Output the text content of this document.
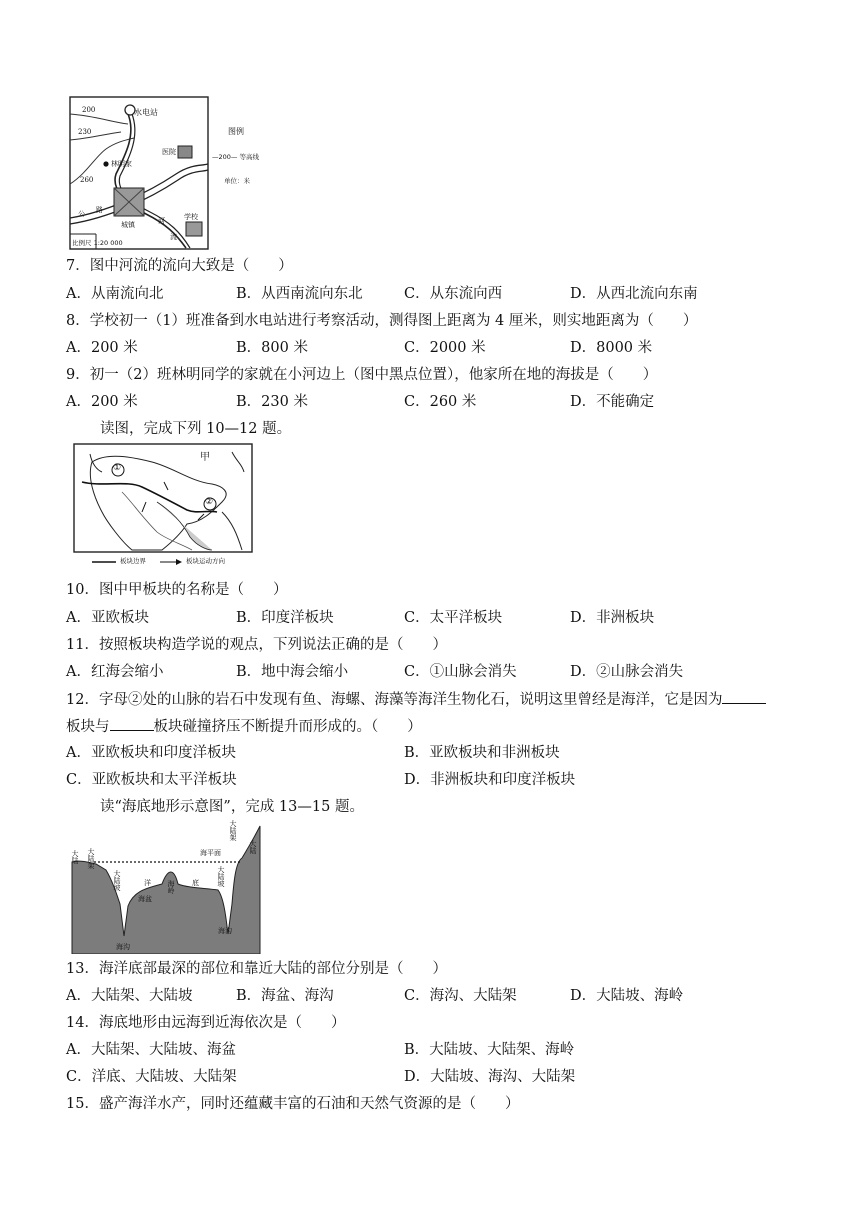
200
230
260
水电站
林明家
医院
城镇
学校
公 路
河
流
比例尺 1:20 000
图例
—200— 等高线
单位：米
7．图中河流的流向大致是（　　）
A．从南流向北	B．从西南流向东北	C．从东流向西	D．从西北流向东南
8．学校初一（1）班准备到水电站进行考察活动，测得图上距离为 4 厘米，则实地距离为（　　）
A．200 米	B．800 米	C．2000 米	D．8000 米
9．初一（2）班林明同学的家就在小河边上（图中黑点位置），他家所在地的海拔是（　　）
A．200 米	B．230 米	C．260 米	D．不能确定
读图，完成下列 10—12 题。
甲
①
②
板块边界	板块运动方向
10．图中甲板块的名称是（　　）
A．亚欧板块	B．印度洋板块	C．太平洋板块	D．非洲板块
11．按照板块构造学说的观点，下列说法正确的是（　　）
A．红海会缩小	B．地中海会缩小	C．①山脉会消失	D．②山脉会消失
12．字母②处的山脉的岩石中发现有鱼、海螺、海藻等海洋生物化石，说明这里曾经是海洋，它是因为
板块与	板块碰撞挤压不断提升而形成的。（　　）
A．亚欧板块和印度洋板块	B．亚欧板块和非洲板块
C．亚欧板块和太平洋板块	D．非洲板块和印度洋板块
读“海底地形示意图”，完成 13—15 题。
大陆 大陆架
大陆坡
海平面
洋
海盆
海岭 底
海沟
海沟
大陆坡
大陆架
大陆
13．海洋底部最深的部位和靠近大陆的部位分别是（　　）
A．大陆架、大陆坡	B．海盆、海沟	C．海沟、大陆架	D．大陆坡、海岭
14．海底地形由远海到近海依次是（　　）
A．大陆架、大陆坡、海盆	B．大陆坡、大陆架、海岭
C．洋底、大陆坡、大陆架	D．大陆坡、海沟、大陆架
15．盛产海洋水产，同时还蕴藏丰富的石油和天然气资源的是（　　）
